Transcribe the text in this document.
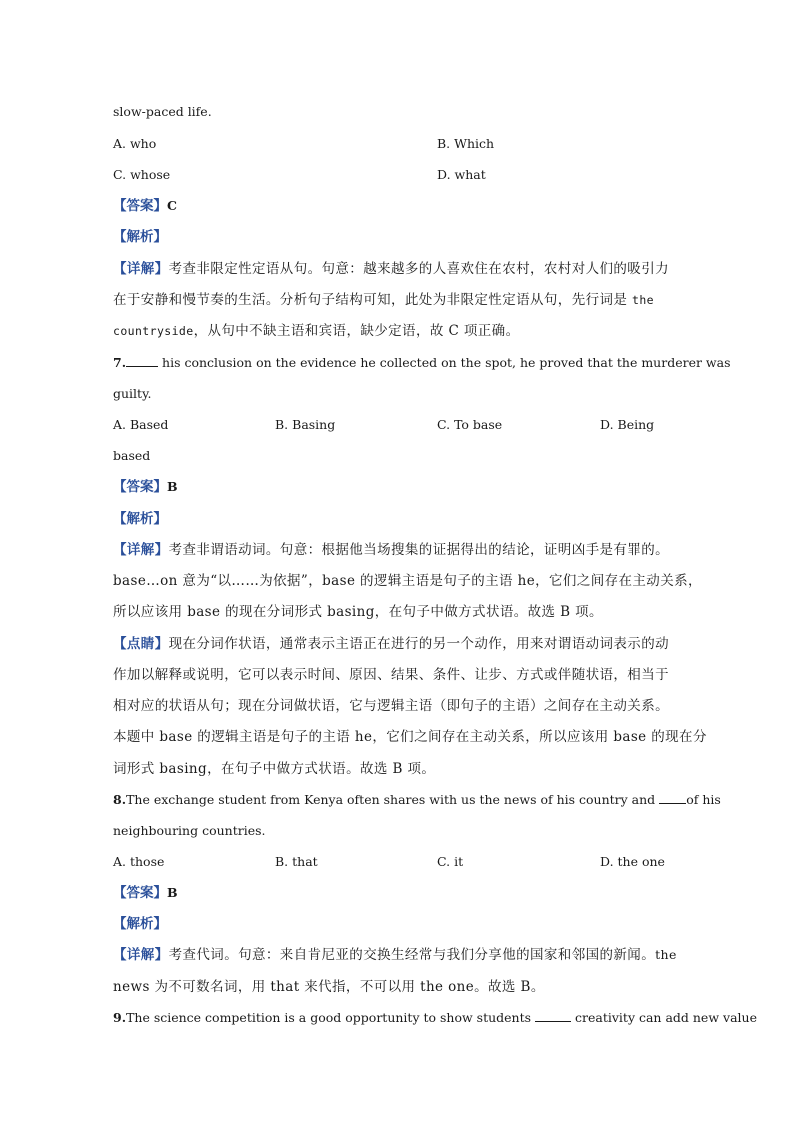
slow-paced life.
A. who	B. Which
C. whose	D. what
【答案】C
【解析】
【详解】考查非限定性定语从句。句意：越来越多的人喜欢住在农村，农村对人们的吸引力
在于安静和慢节奏的生活。分析句子结构可知，此处为非限定性定语从句，先行词是 the
countryside，从句中不缺主语和宾语，缺少定语，故 C 项正确。
7.	his conclusion on the evidence he collected on the spot, he proved that the murderer was
guilty.
A. Based	B. Basing	C. To base	D. Being
based
【答案】B
【解析】
【详解】考查非谓语动词。句意：根据他当场搜集的证据得出的结论，证明凶手是有罪的。
base…on 意为“以……为依据”，base 的逻辑主语是句子的主语 he，它们之间存在主动关系，
所以应该用 base 的现在分词形式 basing，在句子中做方式状语。故选 B 项。
【点睛】现在分词作状语，通常表示主语正在进行的另一个动作，用来对谓语动词表示的动
作加以解释或说明，它可以表示时间、原因、结果、条件、让步、方式或伴随状语，相当于
相对应的状语从句；现在分词做状语，它与逻辑主语（即句子的主语）之间存在主动关系。
本题中 base 的逻辑主语是句子的主语 he，它们之间存在主动关系，所以应该用 base 的现在分
词形式 basing，在句子中做方式状语。故选 B 项。
8.The exchange student from Kenya often shares with us the news of his country and of his
neighbouring countries.
A. those	B. that	C. it	D. the one
【答案】B
【解析】
【详解】考查代词。句意：来自肯尼亚的交换生经常与我们分享他的国家和邻国的新闻。the
news 为不可数名词，用 that 来代指，不可以用 the one。故选 B。
9.The science competition is a good opportunity to show students	creativity can add new value
